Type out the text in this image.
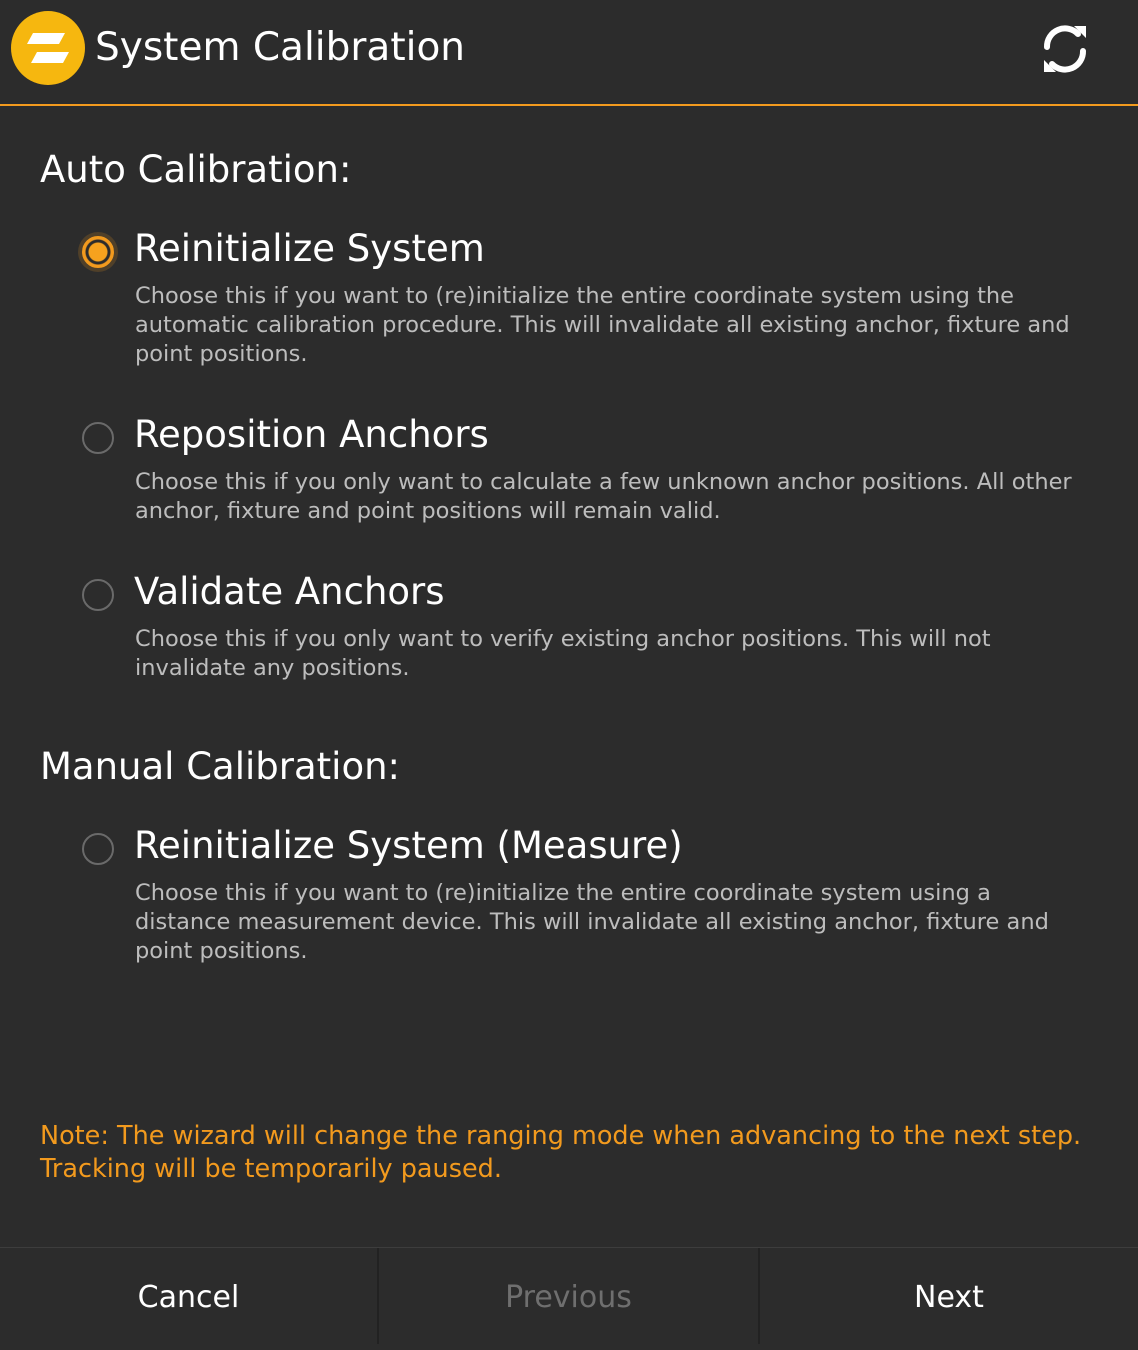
System Calibration
Auto Calibration:
Reinitialize System
Choose this if you want to (re)initialize the entire coordinate system using the automatic calibration procedure. This will invalidate all existing anchor, fixture and point positions.
Reposition Anchors
Choose this if you only want to calculate a few unknown anchor positions. All other anchor, fixture and point positions will remain valid.
Validate Anchors
Choose this if you only want to verify existing anchor positions. This will not invalidate any positions.
Manual Calibration:
Reinitialize System (Measure)
Choose this if you want to (re)initialize the entire coordinate system using a distance measurement device. This will invalidate all existing anchor, fixture and point positions.
Note: The wizard will change the ranging mode when advancing to the next step. Tracking will be temporarily paused.
Cancel	Previous	Next
